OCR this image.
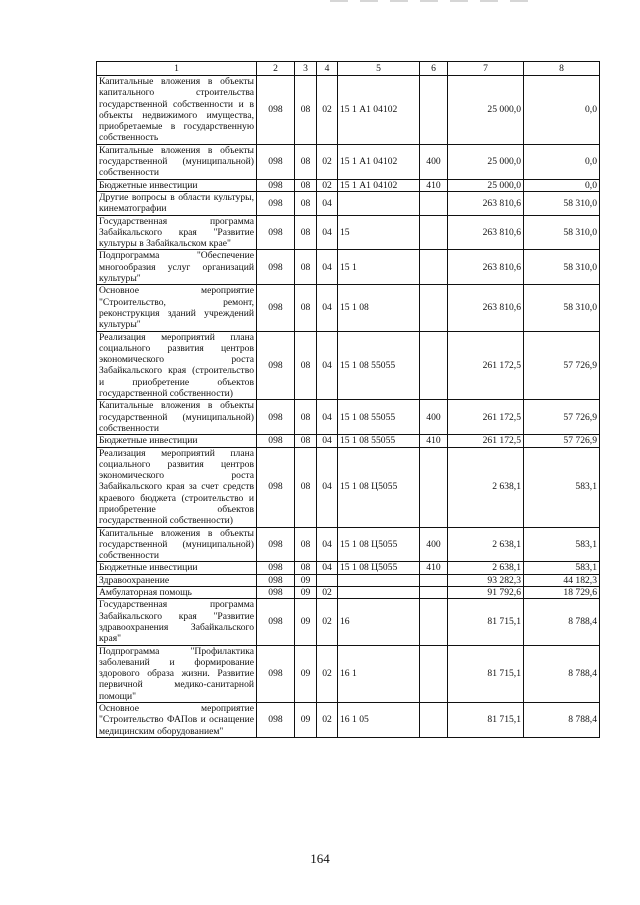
1	2	3	4	5	6	7	8
Капитальные вложения в объекты капитального строительства государственной собственности и в объекты недвижимого имущества, приобретаемые в государственную собственность	098	08	02	15 1 А1 04102		25 000,0	0,0
Капитальные вложения в объекты государственной (муниципальной) собственности	098	08	02	15 1 А1 04102	400	25 000,0	0,0
Бюджетные инвестиции	098	08	02	15 1 А1 04102	410	25 000,0	0,0
Другие вопросы в области культуры, кинематографии	098	08	04			263 810,6	58 310,0
Государственная программа Забайкальского края "Развитие культуры в Забайкальском крае"	098	08	04	15		263 810,6	58 310,0
Подпрограмма "Обеспечение многообразия услуг организаций культуры"	098	08	04	15 1		263 810,6	58 310,0
Основное мероприятие "Строительство, ремонт, реконструкция зданий учреждений культуры"	098	08	04	15 1 08		263 810,6	58 310,0
Реализация мероприятий плана социального развития центров экономического роста Забайкальского края (строительство и приобретение объектов государственной собственности)	098	08	04	15 1 08 55055		261 172,5	57 726,9
Капитальные вложения в объекты государственной (муниципальной) собственности	098	08	04	15 1 08 55055	400	261 172,5	57 726,9
Бюджетные инвестиции	098	08	04	15 1 08 55055	410	261 172,5	57 726,9
Реализация мероприятий плана социального развития центров экономического роста Забайкальского края за счет средств краевого бюджета (строительство и приобретение объектов государственной собственности)	098	08	04	15 1 08 Ц5055		2 638,1	583,1
Капитальные вложения в объекты государственной (муниципальной) собственности	098	08	04	15 1 08 Ц5055	400	2 638,1	583,1
Бюджетные инвестиции	098	08	04	15 1 08 Ц5055	410	2 638,1	583,1
Здравоохранение	098	09				93 282,3	44 182,3
Амбулаторная помощь	098	09	02			91 792,6	18 729,6
Государственная программа Забайкальского края "Развитие здравоохранения Забайкальского края"	098	09	02	16		81 715,1	8 788,4
Подпрограмма "Профилактика заболеваний и формирование здорового образа жизни. Развитие первичной медико-санитарной помощи"	098	09	02	16 1		81 715,1	8 788,4
Основное мероприятие "Строительство ФАПов и оснащение медицинским оборудованием"	098	09	02	16 1 05		81 715,1	8 788,4
164
